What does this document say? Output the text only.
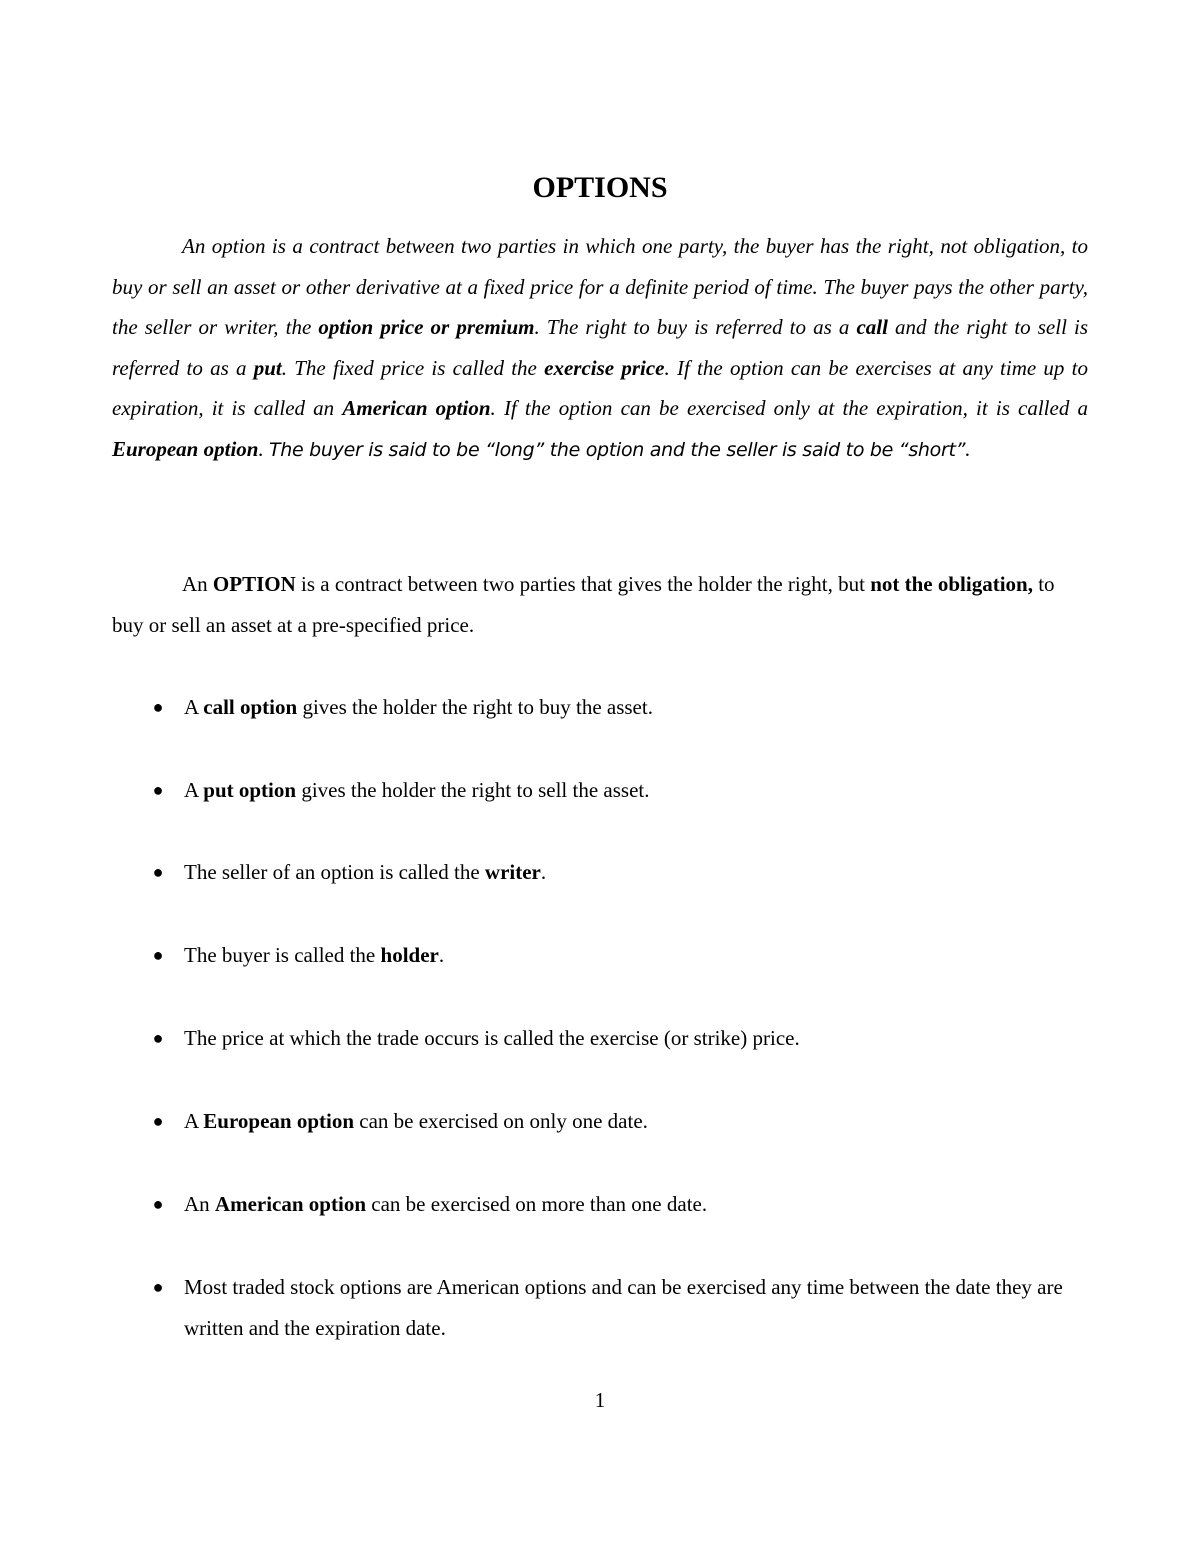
OPTIONS

An option is a contract between two parties in which one party, the buyer has the right, not obligation, to buy or sell an asset or other derivative at a fixed price for a definite period of time. The buyer pays the other party, the seller or writer, the option price or premium. The right to buy is referred to as a call and the right to sell is referred to as a put. The fixed price is called the exercise price. If the option can be exercises at any time up to expiration, it is called an American option. If the option can be exercised only at the expiration, it is called a European option. The buyer is said to be “long” the option and the seller is said to be “short”.

An OPTION is a contract between two parties that gives the holder the right, but not the obligation, to buy or sell an asset at a pre-specified price.

● A call option gives the holder the right to buy the asset.
● A put option gives the holder the right to sell the asset.
● The seller of an option is called the writer.
● The buyer is called the holder.
● The price at which the trade occurs is called the exercise (or strike) price.
● A European option can be exercised on only one date.
● An American option can be exercised on more than one date.
● Most traded stock options are American options and can be exercised any time between the date they are written and the expiration date.
1
